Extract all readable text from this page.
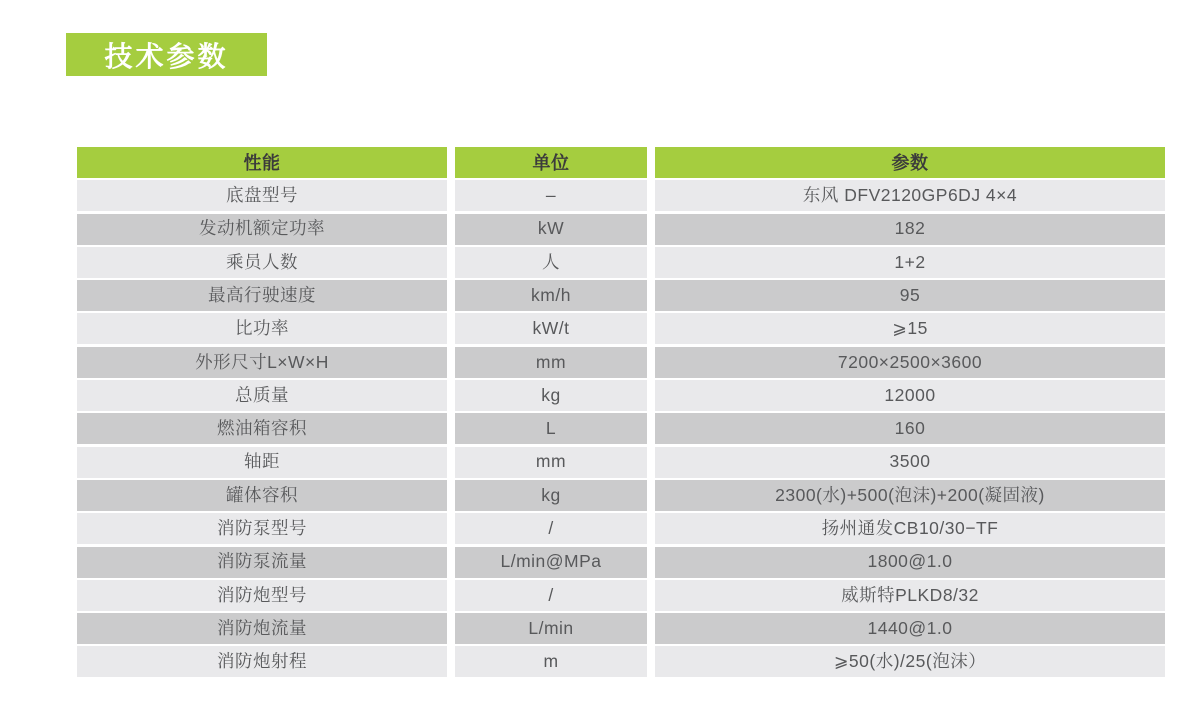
技术参数
性能	单位	参数
底盘型号	–	东风 DFV2120GP6DJ 4×4
发动机额定功率	kW	182
乘员人数	人	1+2
最高行驶速度	km/h	95
比功率	kW/t	⩾15
外形尺寸L×W×H	mm	7200×2500×3600
总质量	kg	12000
燃油箱容积	L	160
轴距	mm	3500
罐体容积	kg	2300(水)+500(泡沫)+200(凝固液)
消防泵型号	/	扬州通发CB10/30−TF
消防泵流量	L/min@MPa	1800@1.0
消防炮型号	/	威斯特PLKD8/32
消防炮流量	L/min	1440@1.0
消防炮射程	m	⩾50(水)/25(泡沫）
